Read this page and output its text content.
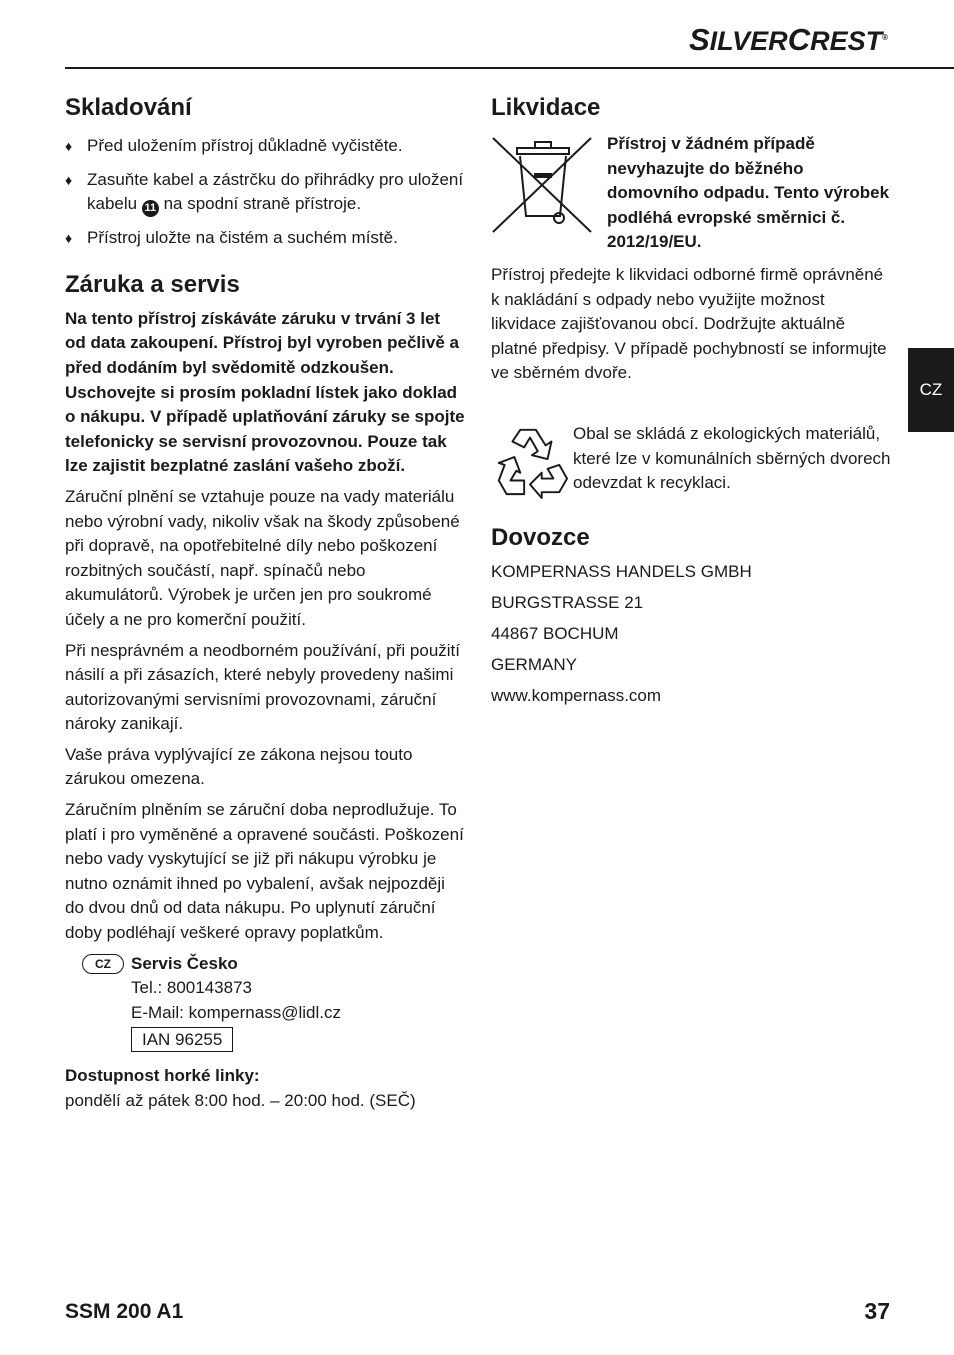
SILVERCREST®
CZ
Skladování
♦ Před uložením přístroj důkladně vyčistěte.
♦ Zasuňte kabel a zástrčku do přihrádky pro uložení kabelu 11 na spodní straně přístroje.
♦ Přístroj uložte na čistém a suchém místě.
Záruka a servis

Na tento přístroj získáváte záruku v trvání 3 let od data zakoupení. Přístroj byl vyroben pečlivě a před dodáním byl svědomitě odzkoušen. Uschovejte si prosím pokladní lístek jako doklad o nákupu. V případě uplatňování záruky se spojte telefonicky se servisní provozovnou. Pouze tak lze zajistit bezplatné zaslání vašeho zboží.

Záruční plnění se vztahuje pouze na vady materiálu nebo výrobní vady, nikoliv však na škody způsobené při dopravě, na opotřebitelné díly nebo poškození rozbitných součástí, např. spínačů nebo akumulátorů. Výrobek je určen jen pro soukromé účely a ne pro komerční použití.

Při nesprávném a neodborném používání, při použití násilí a při zásazích, které nebyly provedeny našimi autorizovanými servisními provozovnami, záruční nároky zanikají.

Vaše práva vyplývající ze zákona nejsou touto zárukou omezena.

Záručním plněním se záruční doba neprodlužuje. To platí i pro vyměněné a opravené součásti. Poškození nebo vady vyskytující se již při nákupu výrobku je nutno oznámit ihned po vybalení, avšak nejpozději do dvou dnů od data nákupu. Po uplynutí záruční doby podléhají veškeré opravy poplatkům.

CZ	Servis Česko

Tel.: 800143873

E-Mail: kompernass@lidl.cz

IAN 96255

Dostupnost horké linky:

pondělí až pátek 8:00 hod. – 20:00 hod. (SEČ)

Likvidace

Přístroj v žádném případě nevyhazujte do běžného domovního odpadu. Tento výrobek podléhá evropské směrnici č. 2012/19/EU.

Přístroj předejte k likvidaci odborné firmě oprávněné k nakládání s odpady nebo využijte možnost likvidace zajišťovanou obcí. Dodržujte aktuálně platné předpisy. V případě pochybností se informujte ve sběrném dvoře.

Obal se skládá z ekologických materiálů, které lze v komunálních sběrných dvorech odevzdat k recyklaci.

Dovozce

KOMPERNASS HANDELS GMBH

BURGSTRASSE 21

44867 BOCHUM

GERMANY

www.kompernass.com

SSM 200 A1	37
